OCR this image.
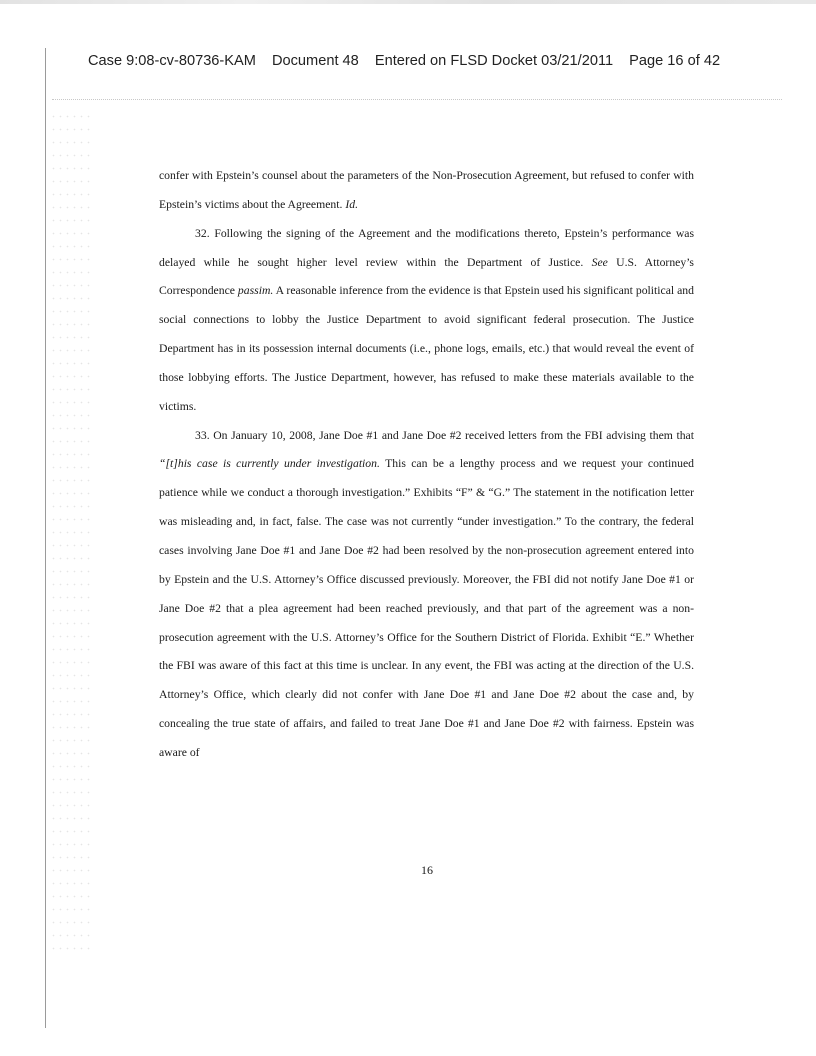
Case 9:08-cv-80736-KAM Document 48 Entered on FLSD Docket 03/21/2011 Page 16 of 42

confer with Epstein’s counsel about the parameters of the Non-Prosecution Agreement, but refused to confer with Epstein’s victims about the Agreement. Id.

32. Following the signing of the Agreement and the modifications thereto, Epstein’s performance was delayed while he sought higher level review within the Department of Justice. See U.S. Attorney’s Correspondence passim. A reasonable inference from the evidence is that Epstein used his significant political and social connections to lobby the Justice Department to avoid significant federal prosecution. The Justice Department has in its possession internal documents (i.e., phone logs, emails, etc.) that would reveal the event of those lobbying efforts. The Justice Department, however, has refused to make these materials available to the victims.

33. On January 10, 2008, Jane Doe #1 and Jane Doe #2 received letters from the FBI advising them that “[t]his case is currently under investigation. This can be a lengthy process and we request your continued patience while we conduct a thorough investigation.” Exhibits “F” & “G.” The statement in the notification letter was misleading and, in fact, false. The case was not currently “under investigation.” To the contrary, the federal cases involving Jane Doe #1 and Jane Doe #2 had been resolved by the non-prosecution agreement entered into by Epstein and the U.S. Attorney’s Office discussed previously. Moreover, the FBI did not notify Jane Doe #1 or Jane Doe #2 that a plea agreement had been reached previously, and that part of the agreement was a non-prosecution agreement with the U.S. Attorney’s Office for the Southern District of Florida. Exhibit “E.” Whether the FBI was aware of this fact at this time is unclear. In any event, the FBI was acting at the direction of the U.S. Attorney’s Office, which clearly did not confer with Jane Doe #1 and Jane Doe #2 about the case and, by concealing the true state of affairs, and failed to treat Jane Doe #1 and Jane Doe #2 with fairness. Epstein was aware of

16
